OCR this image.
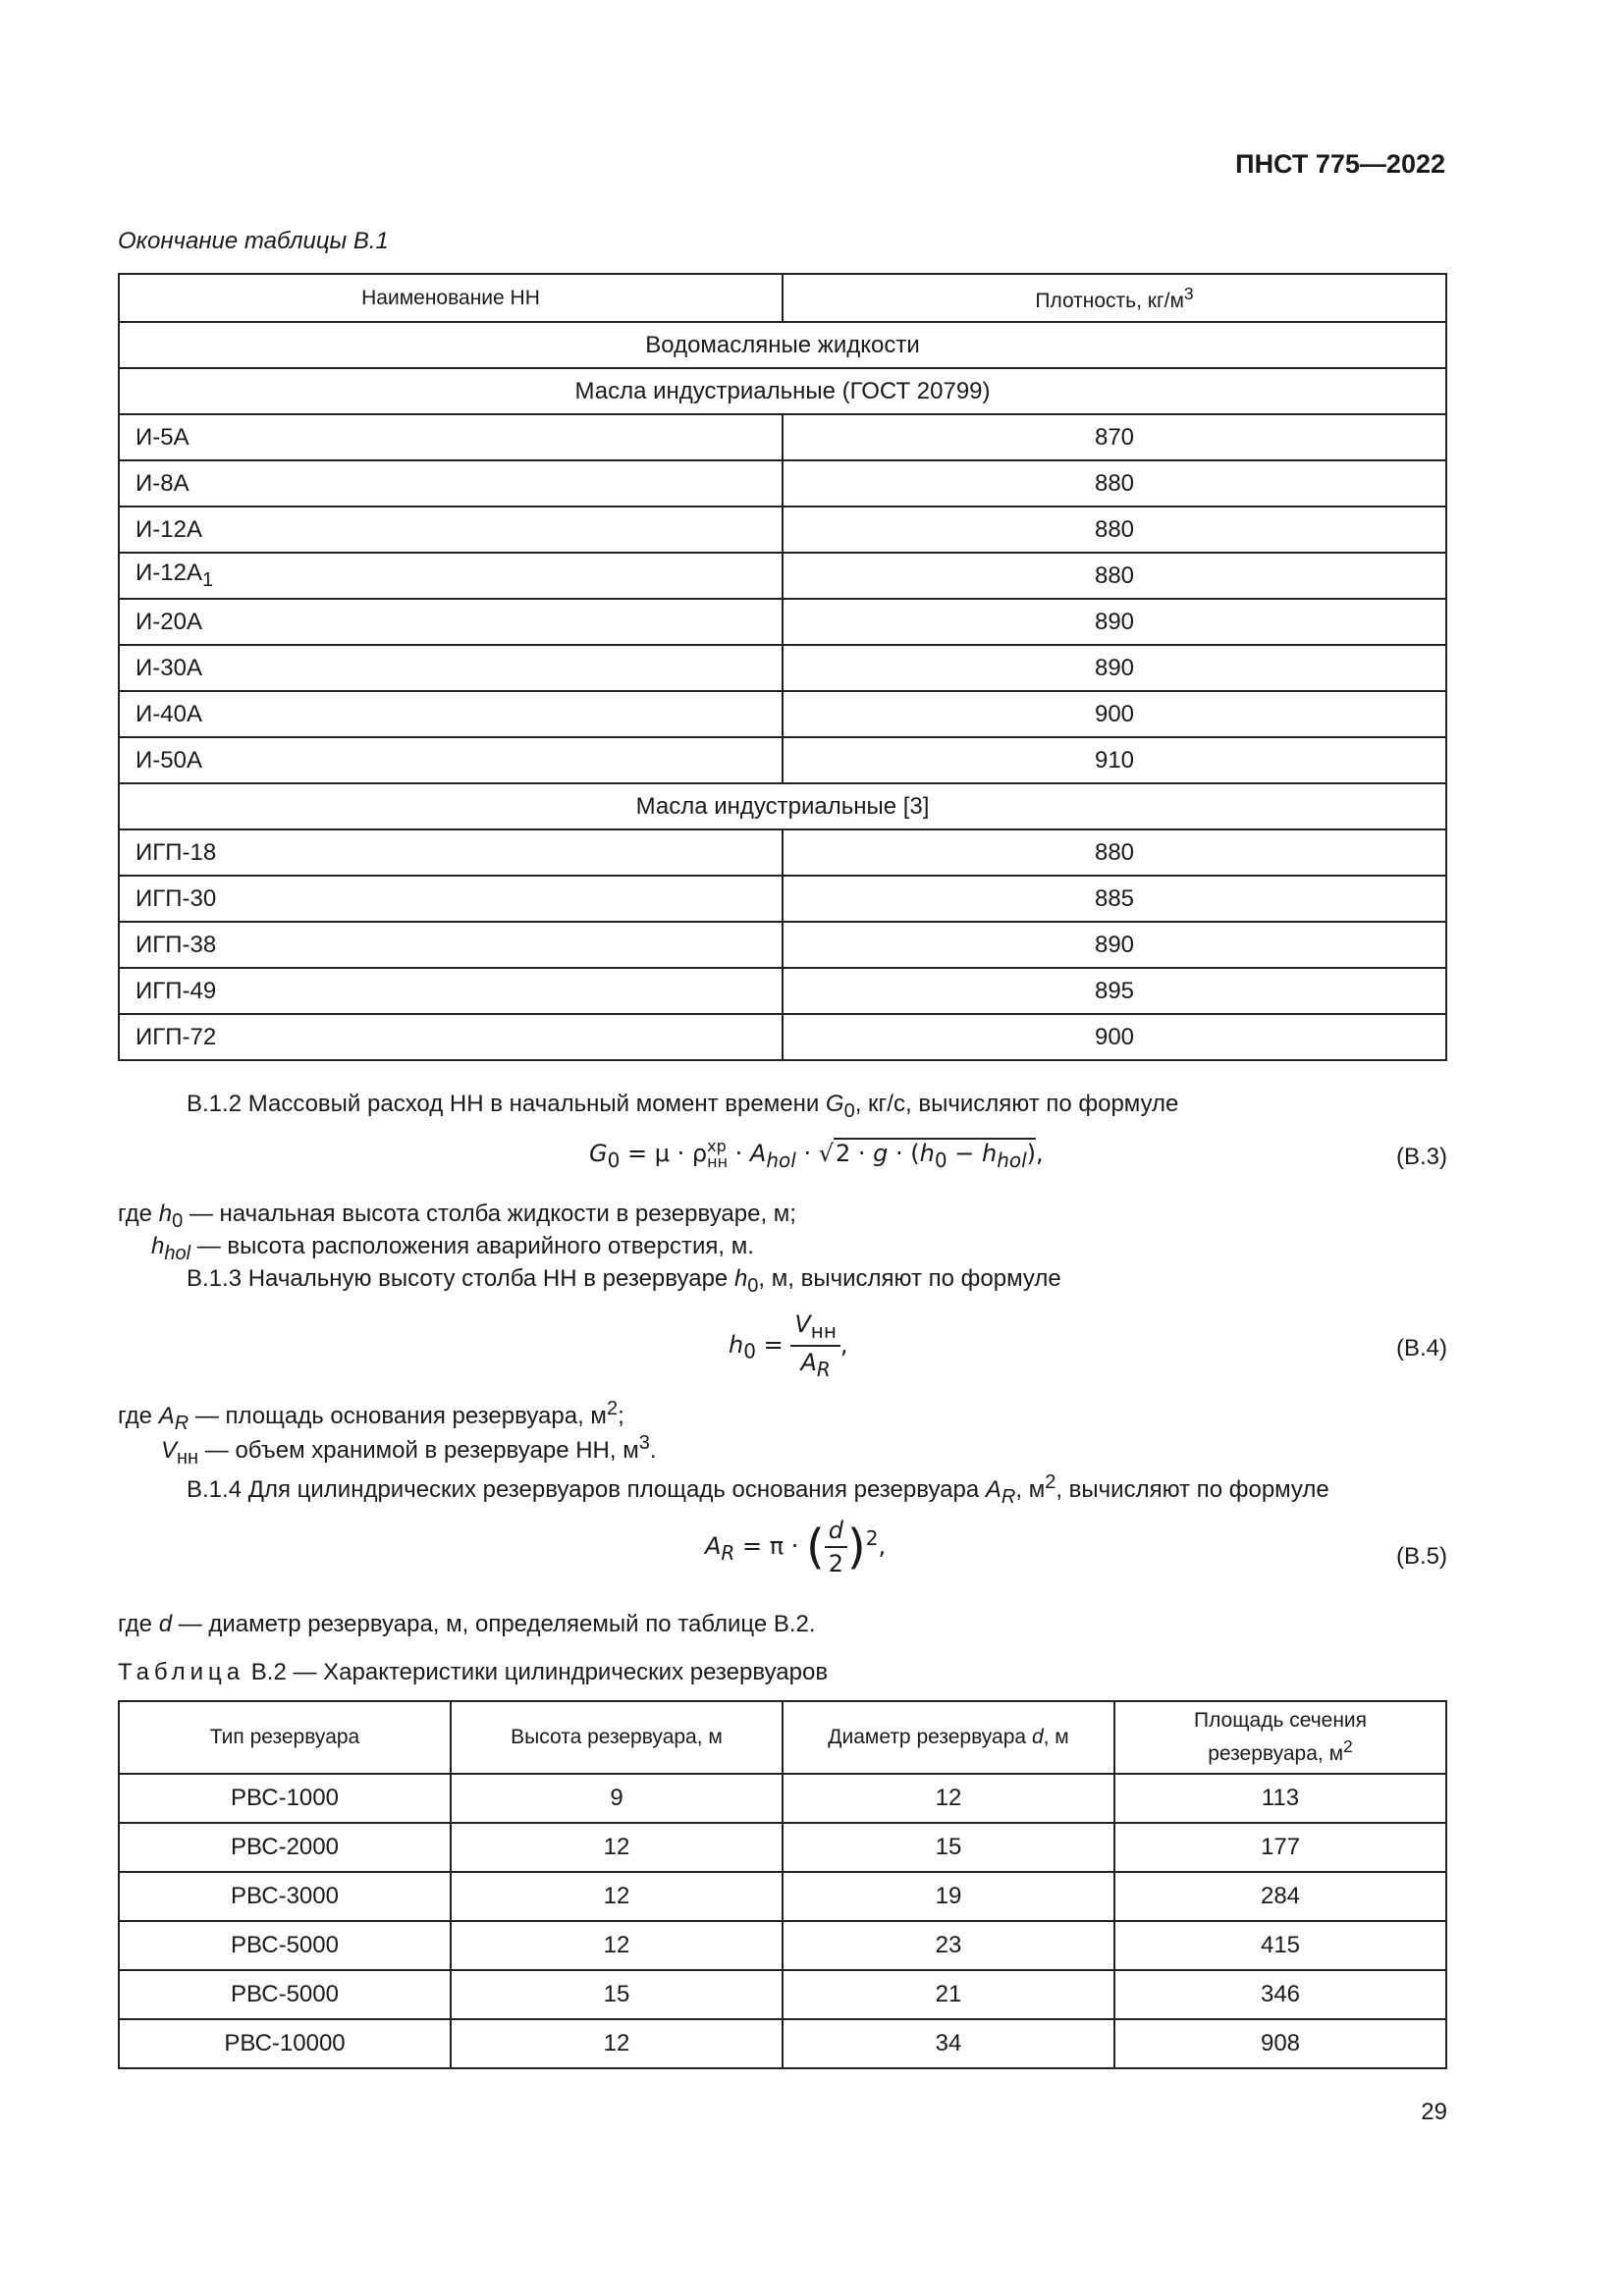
ПНСТ 775—2022
Окончание таблицы В.1
Наименование НН	Плотность, $кг/м^3$
Водомасляные жидкости	
Масла индустриальные (ГОСТ 20799)	
И-5А	870
И-8А	880
И-12А	880
$И-12А_1$	880
И-20А	890
И-30А	890
И-40А	900
И-50А	910
Масла индустриальные [3]	
ИГП-18	880
ИГП-30	885
ИГП-38	890
ИГП-49	895
ИГП-72	900
В.1.2 Массовый расход НН в начальный момент времени $G_0$, кг/с, вычисляют по формуле
$G_0 = \mu \cdot \rho$ хр
нн · $A_{hol} \cdot √2 \cdot g \cdot (h_0 - h_{hol})$,	(В.3)
где $h_0$ — начальная высота столба жидкости в резервуаре, м;
$h_{hol}$ — высота расположения аварийного отверстия, м.
В.1.3 Начальную высоту столба НН в резервуаре $h_0$, м, вычисляют по формуле
$h_0 = \frac{V_{нн}}{A_R}$ ,	(В.4)
где $A_R$ — площадь основания резервуара, $м^2$;
$V_{нн}$ — объем хранимой в резервуаре НН, $м^3$.
В.1.4 Для цилиндрических резервуаров площадь основания резервуара $A_R$, $м^2$, вычисляют по формуле
$A_R = \pi$ · ( $\frac{d}{2} )^2$,	(В.5)
где d — диаметр резервуара, м, определяемый по таблице В.2.
Таблица В.2 — Характеристики цилиндрических резервуаров
Тип резервуара	Высота резервуара, м	Диаметр резервуара d, м	Площадь сечения
резервуара, $м^2$
РВС-1000	9	12	113
РВС-2000	12	15	177
РВС-3000	12	19	284
РВС-5000	12	23	415
РВС-5000	15	21	346
РВС-10000	12	34	908
29
